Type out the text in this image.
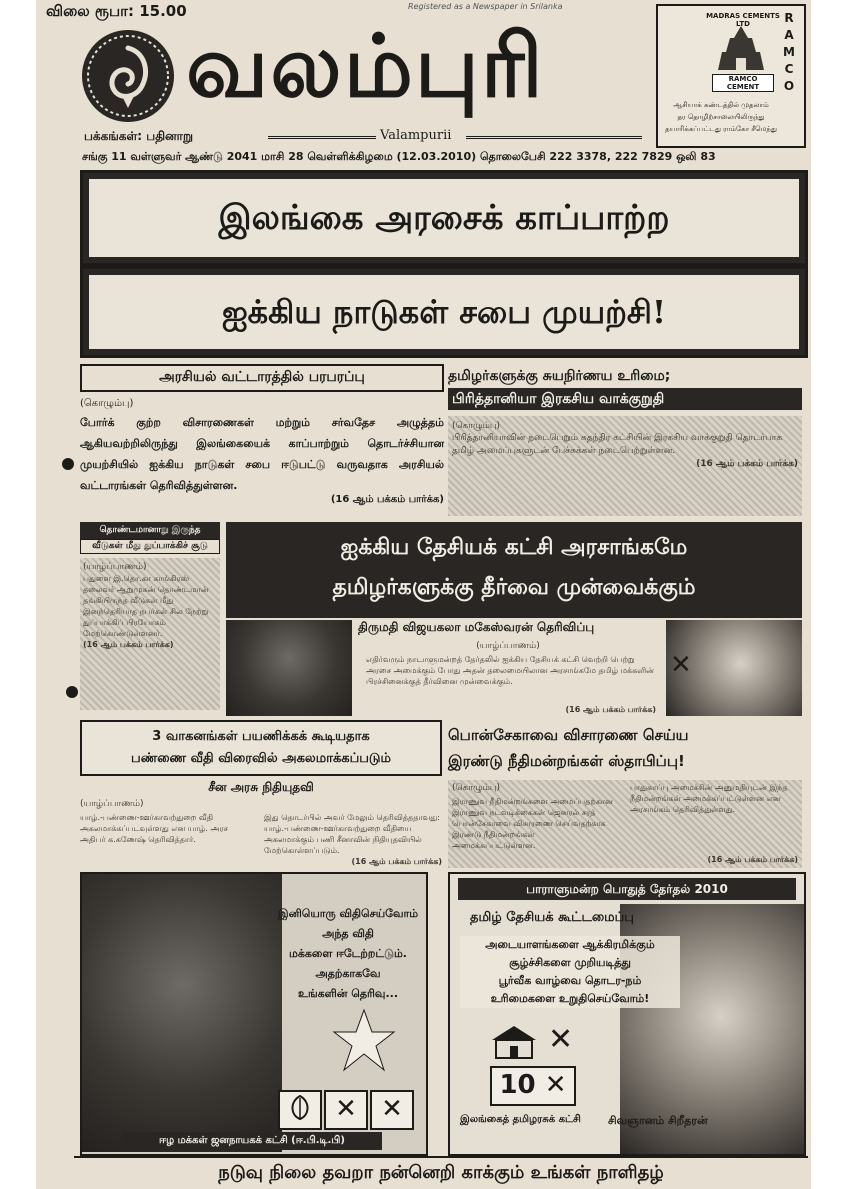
விலை ரூபா: 15.00	Registered as a Newspaper in Srilanka
வலம்புரி
பக்கங்கள்: பதினாறு	Valampurii
RAMCO
MADRAS CEMENTS LTD
RAMCO CEMENT
ஆசியாக் கண்டத்தில் முதலாம்
தர தொழிற்சாலையிலிருந்து
தயாரிக்கப்பட்டது ராம்கோ சீமெந்து
சங்கு 11 வள்ளுவர் ஆண்டு 2041 மாசி 28 வெள்ளிக்கிழமை (12.03.2010) தொலைபேசி 222 3378, 222 7829 ஒலி 83
இலங்கை அரசைக் காப்பாற்ற
ஐக்கிய நாடுகள் சபை முயற்சி!
அரசியல் வட்டாரத்தில் பரபரப்பு
(கொழும்பு)
போர்க் குற்ற விசாரணைகள் மற்றும் சர்வதேச அழுத்தம் ஆகியவற்றிலிருந்து இலங்கையைக் காப்பாற்றும் தொடர்ச்சியான முயற்சியில் ஐக்கிய நாடுகள் சபை ஈடுபட்டு வருவதாக அரசியல் வட்டாரங்கள் தெரிவித்துள்ளன.
(16 ஆம் பக்கம் பார்க்க)
தமிழர்களுக்கு சுயநிர்ணய உரிமை;
பிரித்தானியா இரகசிய வாக்குறுதி
(கொழும்பு)
பிரித்தானியாவின் நடைபெறும் சுதந்திர கட்சியின் இரகசிய வாக்குறுதி தொடர்பாக தமிழ் அமைப்புகளுடன் பேச்சுக்கள் நடைபெற்றுள்ளன.
(16 ஆம் பக்கம் பார்க்க)
தொண்டமானாறு இருந்த
வீடுகள் மீது துப்பாக்கிச் சூடு
(யாழ்ப்பாணம்)
பதுளை இ.தொ.கா காங்கிரஸ் தலைவர் ஆறுமுகன் தொண்டமான் தங்கியிருந்த வீடுகள் மீது இனந்தெரியாத நபர்கள் சில நேற்று துப்பாக்கிப் பிரயோகம் மேற்கொண்டுள்ளனர்.
(16 ஆம் பக்கம் பார்க்க)
ஐக்கிய தேசியக் கட்சி அரசாங்கமே
தமிழர்களுக்கு தீர்வை முன்வைக்கும்
திருமதி விஜயகலா மகேஸ்வரன் தெரிவிப்பு
(யாழ்ப்பாணம்)
எதிர்வரும் நாடாளுமன்றத் தேர்தலில் ஐக்கிய தேசியக் கட்சி வெற்றி பெற்று அரசை அமைக்கும் போது அதன் தலைமையிலான அரசாங்கமே தமிழ் மக்களின் பிரச்சினைக்குத் தீர்வினை முன்வைக்கும்.
(16 ஆம் பக்கம் பார்க்க)
✕
3 வாகனங்கள் பயணிக்கக் கூடியதாக
பண்ணை வீதி விரைவில் அகலமாக்கப்படும்
சீன அரசு நிதியுதவி
(யாழ்ப்பாணம்)
யாழ்.-பண்ணை-ஊர்காவற்துறை வீதி அகலமாக்கப்படவுள்ளது என யாழ். அரச அதிபர் க.கணேஷ் தெரிவித்தார்.
இது தொடர்பில் அவர் மேலும் தெரிவித்ததாவது: யாழ்.-பண்ணை-ஊர்காவற்துறை வீதியை அகலமாக்கும் பணி சீனாவின் நிதியுதவியில் மேற்கொள்ளப்படும்.
(16 ஆம் பக்கம் பார்க்க)
பொன்சேகாவை விசாரணை செய்ய
இரண்டு நீதிமன்றங்கள் ஸ்தாபிப்பு!
(கொழும்பு)
இராணுவ நீதிமன்றங்களை அமைப்பதற்கான இராணுவ நடவடிக்கைகள் ஜெனரல் சரத் பொன்சேகாவை விசாரணை செய்வதற்காக இரண்டு நீதிமன்றங்கள் அமைக்கப்பட்டுள்ளன.
பாதுகாப்பு அமைச்சின் அனுமதியுடன் இந்த நீதிமன்றங்கள் அமைக்கப்பட்டுள்ளன என அரசாங்கம் தெரிவித்துள்ளது.
(16 ஆம் பக்கம் பார்க்க)
இனியொரு விதிசெய்வோம்
அந்த விதி
மக்களை ஈடேற்றட்டும்.
அதற்காகவே
உங்களின் தெரிவு...
✕ ✕
ஈழ மக்கள் ஜனநாயகக் கட்சி (ஈ.பி.டி.பி)
பாராளுமன்ற பொதுத் தேர்தல் 2010
தமிழ் தேசியக் கூட்டமைப்பு
அடையாளங்களை ஆக்கிரமிக்கும்
சூழ்ச்சிகளை முறியடித்து
பூர்வீக வாழ்வை தொடர-நம்
உரிமைகளை உறுதிசெய்வோம்!
✕
10 ✕
இலங்கைத் தமிழரசுக் கட்சி சிவஞானம் சிறீதரன்
நடுவு நிலை தவறா நன்னெறி காக்கும் உங்கள் நாளிதழ்
